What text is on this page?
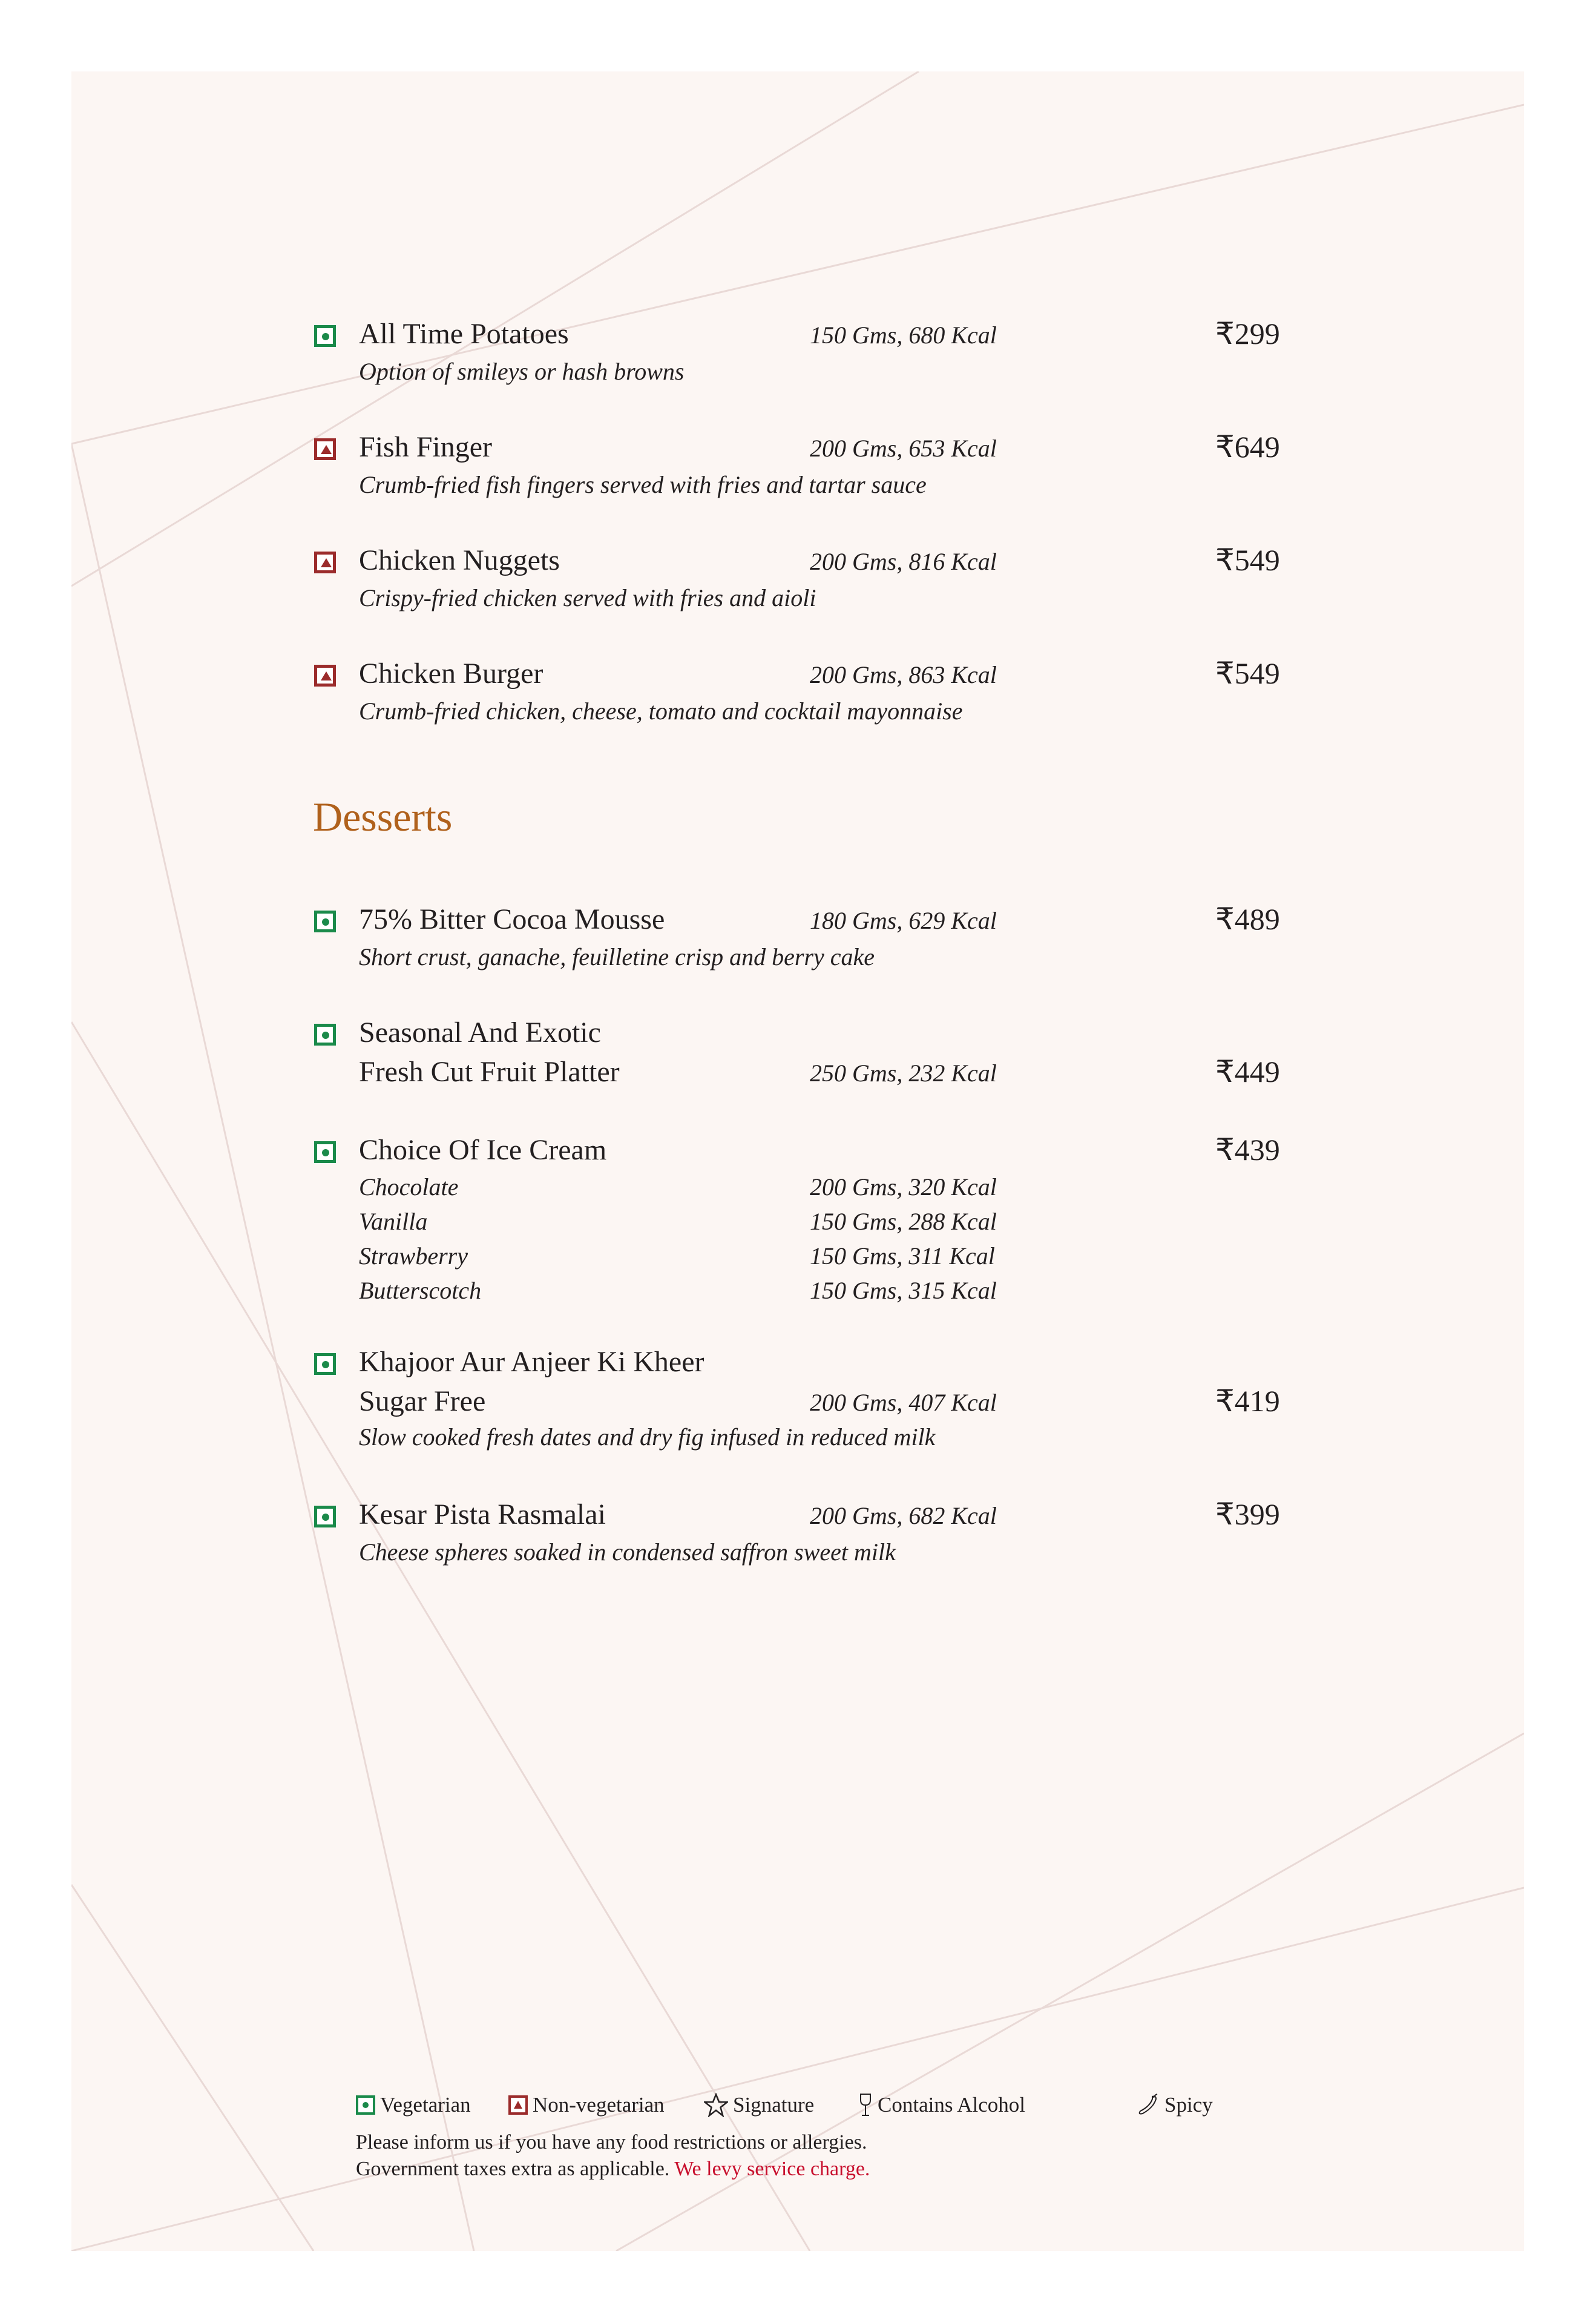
All Time Potatoes	150 Gms, 680 Kcal	₹299
Option of smileys or hash browns
Fish Finger	200 Gms, 653 Kcal	₹649
Crumb-fried fish fingers served with fries and tartar sauce
Chicken Nuggets	200 Gms, 816 Kcal	₹549
Crispy-fried chicken served with fries and aioli
Chicken Burger	200 Gms, 863 Kcal	₹549
Crumb-fried chicken, cheese, tomato and cocktail mayonnaise
Desserts
75% Bitter Cocoa Mousse	180 Gms, 629 Kcal	₹489
Short crust, ganache, feuilletine crisp and berry cake
Seasonal And Exotic
Fresh Cut Fruit Platter	250 Gms, 232 Kcal	₹449
Choice Of Ice Cream	₹439
Chocolate	200 Gms, 320 Kcal
Vanilla	150 Gms, 288 Kcal
Strawberry	150 Gms, 311 Kcal
Butterscotch	150 Gms, 315 Kcal
Khajoor Aur Anjeer Ki Kheer
Sugar Free	200 Gms, 407 Kcal	₹419
Slow cooked fresh dates and dry fig infused in reduced milk
Kesar Pista Rasmalai	200 Gms, 682 Kcal	₹399
Cheese spheres soaked in condensed saffron sweet milk
Vegetarian	Non-vegetarian	Signature	Contains Alcohol	Spicy
Please inform us if you have any food restrictions or allergies.
Government taxes extra as applicable. We levy service charge.
